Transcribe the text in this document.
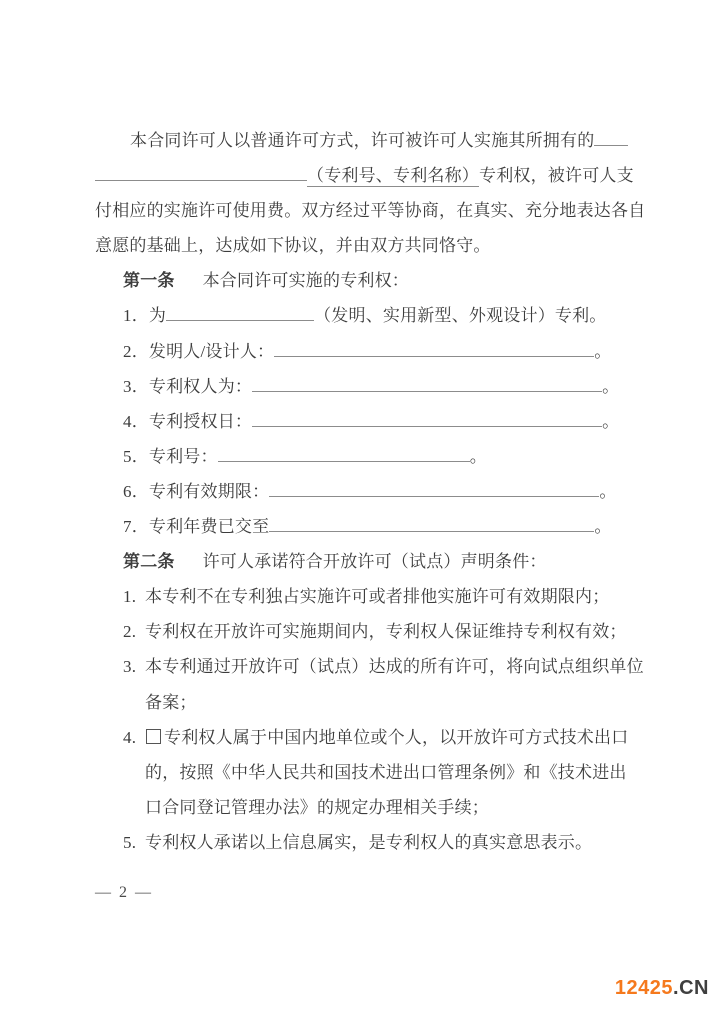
本合同许可人以普通许可方式，许可被许可人实施其所拥有的
（专利号、专利名称）专利权，被许可人支
付相应的实施许可使用费。双方经过平等协商，在真实、充分地表达各自
意愿的基础上，达成如下协议，并由双方共同恪守。
第一条 本合同许可实施的专利权：
1．为	（发明、实用新型、外观设计）专利。
2．发明人/设计人：	。
3．专利权人为：	。
4．专利授权日：	。
5．专利号：	。
6．专利有效期限：	。
7．专利年费已交至	。
第二条 许可人承诺符合开放许可（试点）声明条件：
1. 本专利不在专利独占实施许可或者排他实施许可有效期限内；
2. 专利权在开放许可实施期间内，专利权人保证维持专利权有效；
3. 本专利通过开放许可（试点）达成的所有许可，将向试点组织单位
备案；
4. 专利权人属于中国内地单位或个人，以开放许可方式技术出口
的，按照《中华人民共和国技术进出口管理条例》和《技术进出
口合同登记管理办法》的规定办理相关手续；
5. 专利权人承诺以上信息属实，是专利权人的真实意思表示。
— 2 —
12425.CN
